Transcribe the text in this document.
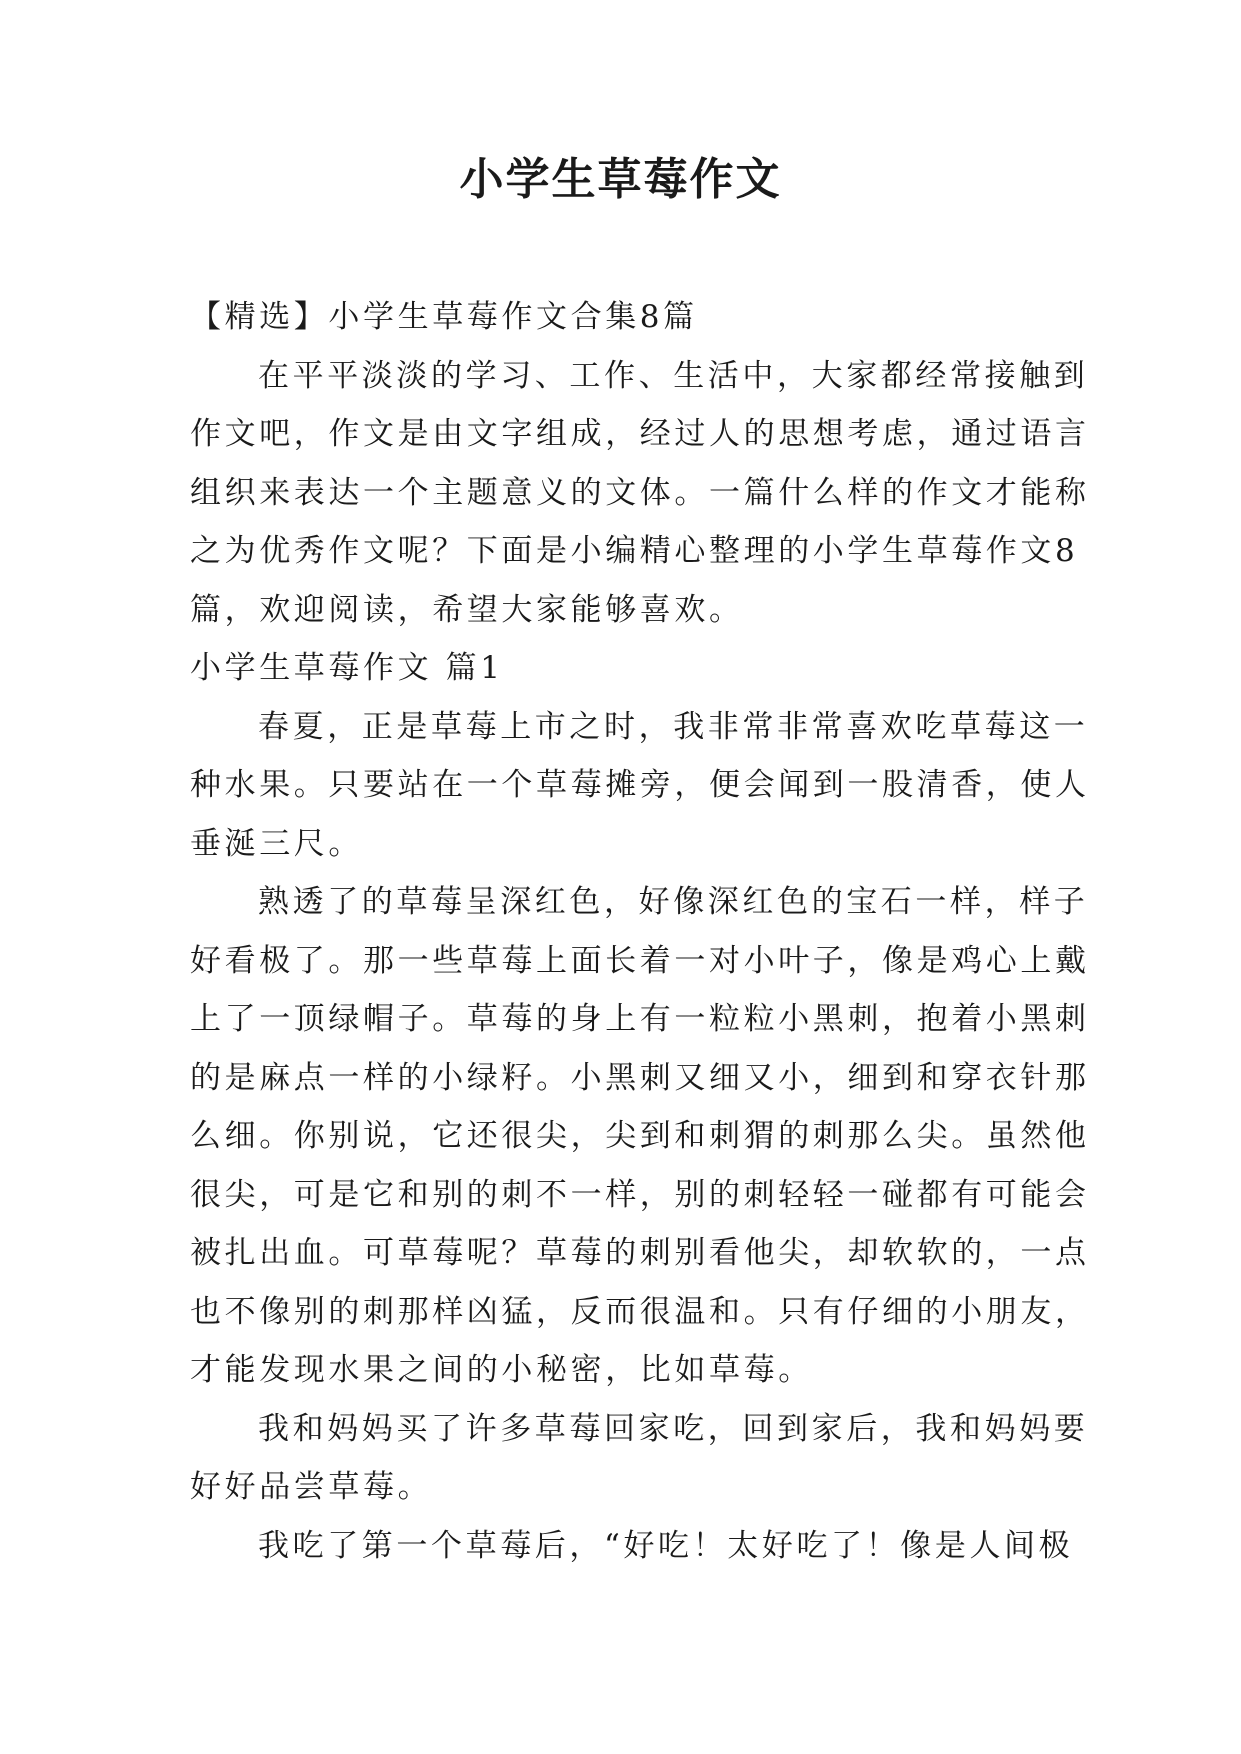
小学生草莓作文
【精选】小学生草莓作文合集8篇
在平平淡淡的学习、工作、生活中，大家都经常接触到
作文吧，作文是由文字组成，经过人的思想考虑，通过语言
组织来表达一个主题意义的文体。一篇什么样的作文才能称
之为优秀作文呢？下面是小编精心整理的小学生草莓作文8
篇，欢迎阅读，希望大家能够喜欢。
小学生草莓作文 篇1
春夏，正是草莓上市之时，我非常非常喜欢吃草莓这一
种水果。只要站在一个草莓摊旁，便会闻到一股清香，使人
垂涎三尺。
熟透了的草莓呈深红色，好像深红色的宝石一样，样子
好看极了。那一些草莓上面长着一对小叶子，像是鸡心上戴
上了一顶绿帽子。草莓的身上有一粒粒小黑刺，抱着小黑刺
的是麻点一样的小绿籽。小黑刺又细又小，细到和穿衣针那
么细。你别说，它还很尖，尖到和刺猬的刺那么尖。虽然他
很尖，可是它和别的刺不一样，别的刺轻轻一碰都有可能会
被扎出血。可草莓呢？草莓的刺别看他尖，却软软的，一点
也不像别的刺那样凶猛，反而很温和。只有仔细的小朋友，
才能发现水果之间的小秘密，比如草莓。
我和妈妈买了许多草莓回家吃，回到家后，我和妈妈要
好好品尝草莓。
我吃了第一个草莓后，“好吃！太好吃了！像是人间极
